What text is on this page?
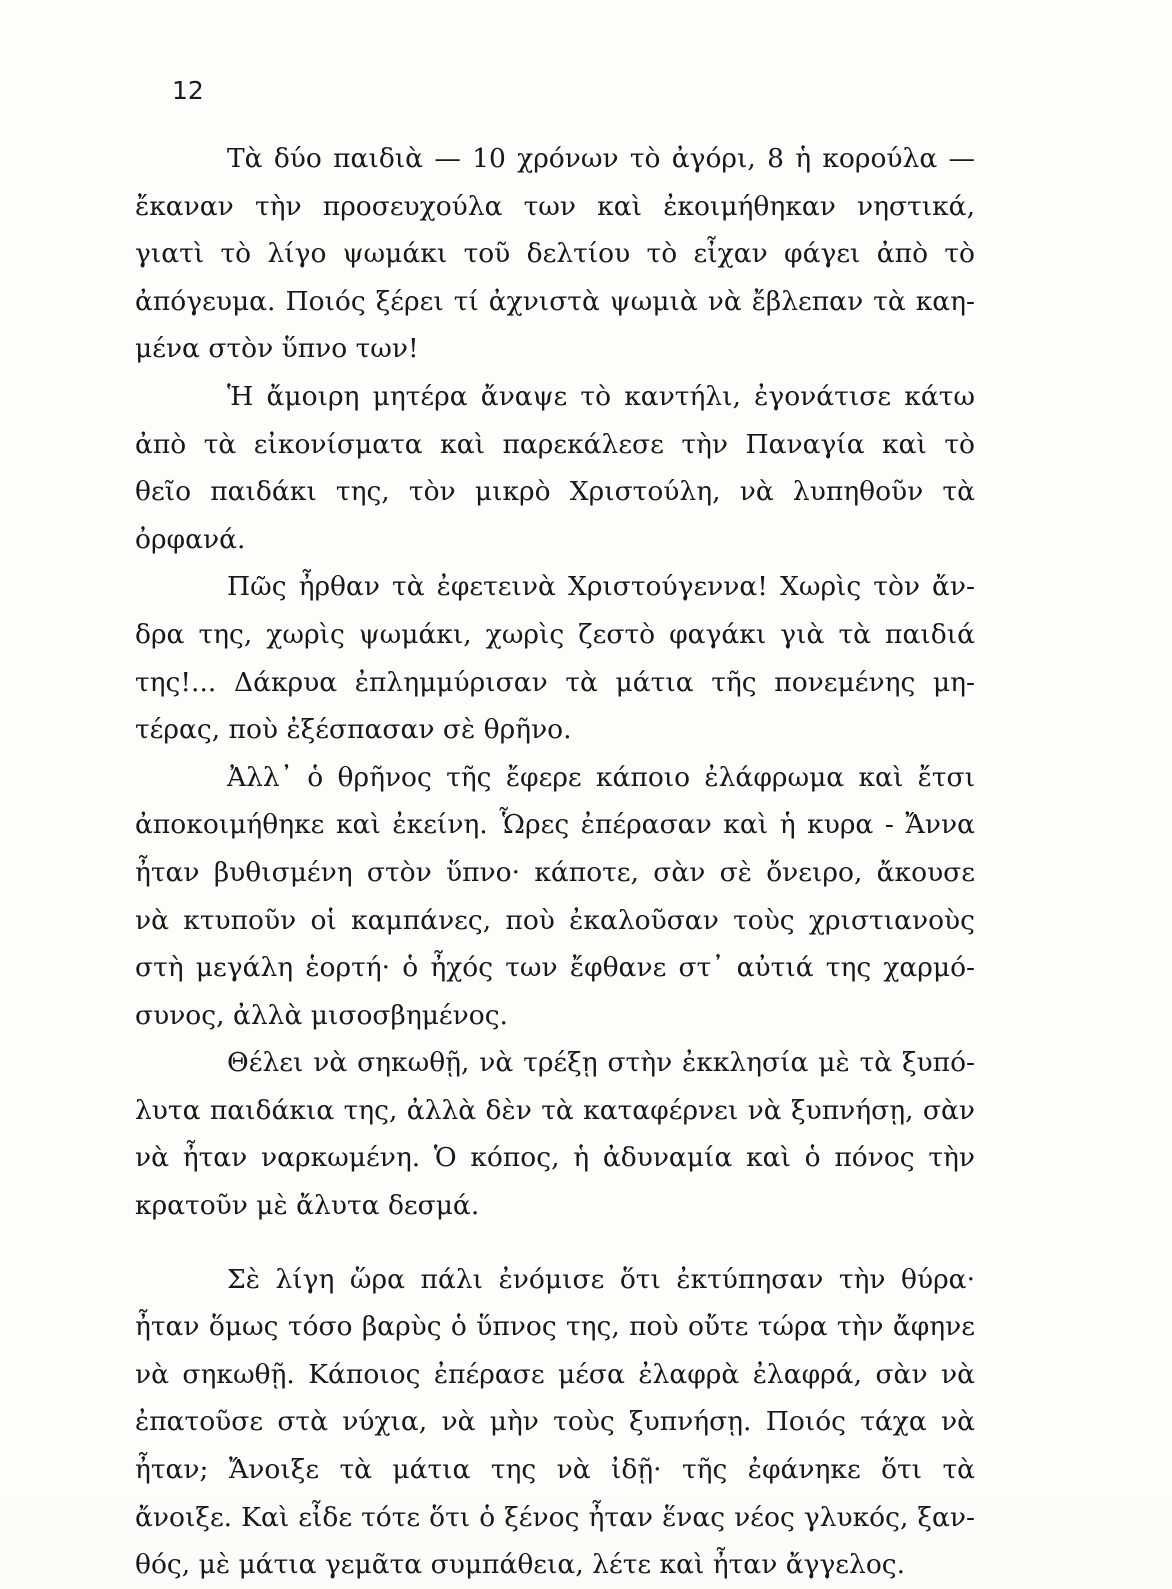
12
Τὰ δύο παιδιὰ — 10 χρόνων τὸ ἀγόρι, 8 ἡ κορούλα —
ἔκαναν τὴν προσευχούλα των καὶ ἐκοιμήθηκαν νηστικά,
γιατὶ τὸ λίγο ψωμάκι τοῦ δελτίου τὸ εἶχαν φάγει ἀπὸ τὸ
ἀπόγευμα. Ποιός ξέρει τί ἀχνιστὰ ψωμιὰ νὰ ἔβλεπαν τὰ καη-
μένα στὸν ὕπνο των!
Ἡ ἄμοιρη μητέρα ἄναψε τὸ καντήλι, ἐγονάτισε κάτω
ἀπὸ τὰ εἰκονίσματα καὶ παρεκάλεσε τὴν Παναγία καὶ τὸ
θεῖο παιδάκι της, τὸν μικρὸ Χριστούλη, νὰ λυπηθοῦν τὰ
ὀρφανά.
Πῶς ἦρθαν τὰ ἐφετεινὰ Χριστούγεννα! Χωρὶς τὸν ἄν-
δρα της, χωρὶς ψωμάκι, χωρὶς ζεστὸ φαγάκι γιὰ τὰ παιδιά
της!... Δάκρυα ἐπλημμύρισαν τὰ μάτια τῆς πονεμένης μη-
τέρας, ποὺ ἐξέσπασαν σὲ θρῆνο.
Ἀλλ᾿ ὁ θρῆνος τῆς ἔφερε κάποιο ἐλάφρωμα καὶ ἔτσι
ἀποκοιμήθηκε καὶ ἐκείνη. Ὧρες ἐπέρασαν καὶ ἡ κυρα - Ἄννα
ἦταν βυθισμένη στὸν ὕπνο· κάποτε, σὰν σὲ ὄνειρο, ἄκουσε
νὰ κτυποῦν οἱ καμπάνες, ποὺ ἐκαλοῦσαν τοὺς χριστιανοὺς
στὴ μεγάλη ἑορτή· ὁ ἦχός των ἔφθανε στ᾿ αὐτιά της χαρμό-
συνος, ἀλλὰ μισοσβημένος.
Θέλει νὰ σηκωθῇ, νὰ τρέξῃ στὴν ἐκκλησία μὲ τὰ ξυπό-
λυτα παιδάκια της, ἀλλὰ δὲν τὰ καταφέρνει νὰ ξυπνήσῃ, σὰν
νὰ ἦταν ναρκωμένη. Ὁ κόπος, ἡ ἀδυναμία καὶ ὁ πόνος τὴν
κρατοῦν μὲ ἄλυτα δεσμά.
Σὲ λίγη ὥρα πάλι ἐνόμισε ὅτι ἐκτύπησαν τὴν θύρα·
ἦταν ὅμως τόσο βαρὺς ὁ ὕπνος της, ποὺ οὔτε τώρα τὴν ἄφηνε
νὰ σηκωθῇ. Κάποιος ἐπέρασε μέσα ἐλαφρὰ ἐλαφρά, σὰν νὰ
ἐπατοῦσε στὰ νύχια, νὰ μὴν τοὺς ξυπνήσῃ. Ποιός τάχα νὰ
ἦταν; Ἄνοιξε τὰ μάτια της νὰ ἰδῇ· τῆς ἐφάνηκε ὅτι τὰ
ἄνοιξε. Καὶ εἶδε τότε ὅτι ὁ ξένος ἦταν ἕνας νέος γλυκός, ξαν-
θός, μὲ μάτια γεμᾶτα συμπάθεια, λέτε καὶ ἦταν ἄγγελος.
